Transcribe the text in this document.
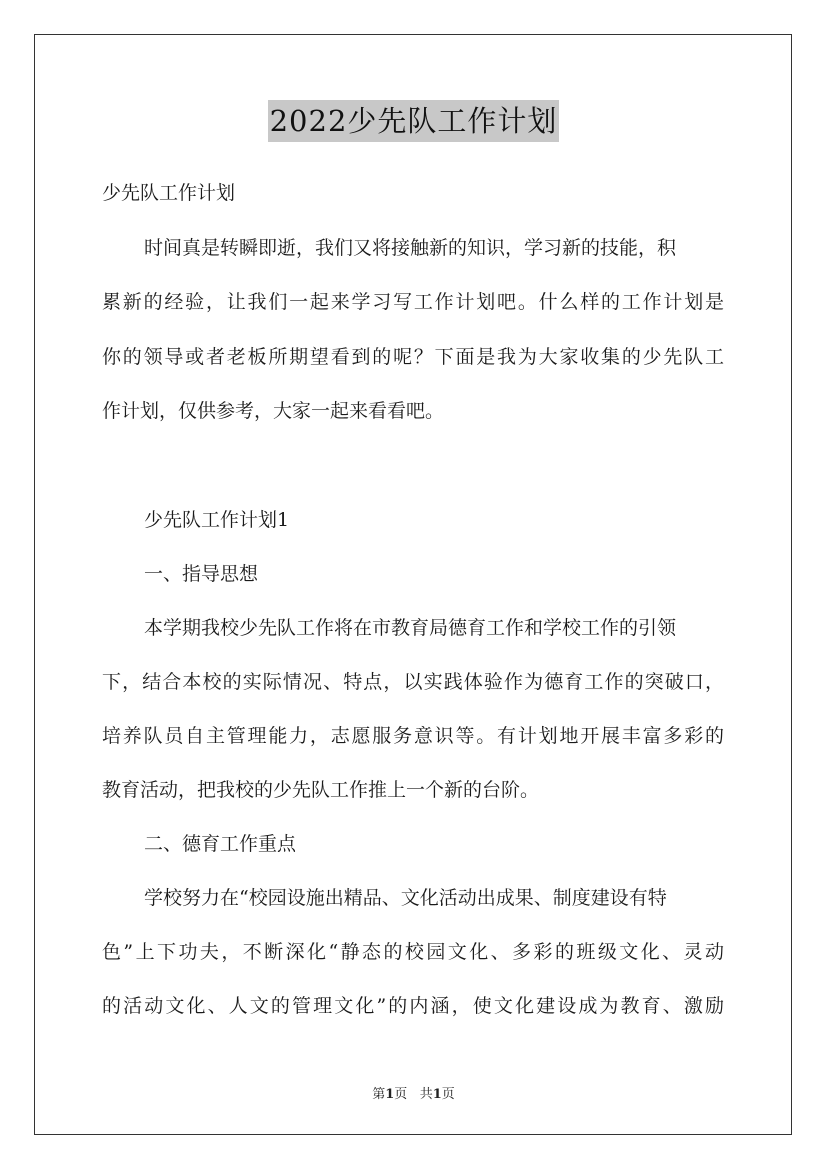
2022少先队工作计划
少先队工作计划
时间真是转瞬即逝，我们又将接触新的知识，学习新的技能，积
累新的经验，让我们一起来学习写工作计划吧。什么样的工作计划是
你的领导或者老板所期望看到的呢？下面是我为大家收集的少先队工
作计划，仅供参考，大家一起来看看吧。
少先队工作计划1
一、指导思想
本学期我校少先队工作将在市教育局德育工作和学校工作的引领
下，结合本校的实际情况、特点，以实践体验作为德育工作的突破口，
培养队员自主管理能力，志愿服务意识等。有计划地开展丰富多彩的
教育活动，把我校的少先队工作推上一个新的台阶。
二、德育工作重点
学校努力在“校园设施出精品、文化活动出成果、制度建设有特
色”上下功夫，不断深化“静态的校园文化、多彩的班级文化、灵动
的活动文化、人文的管理文化”的内涵，使文化建设成为教育、激励
第1页 共1页
